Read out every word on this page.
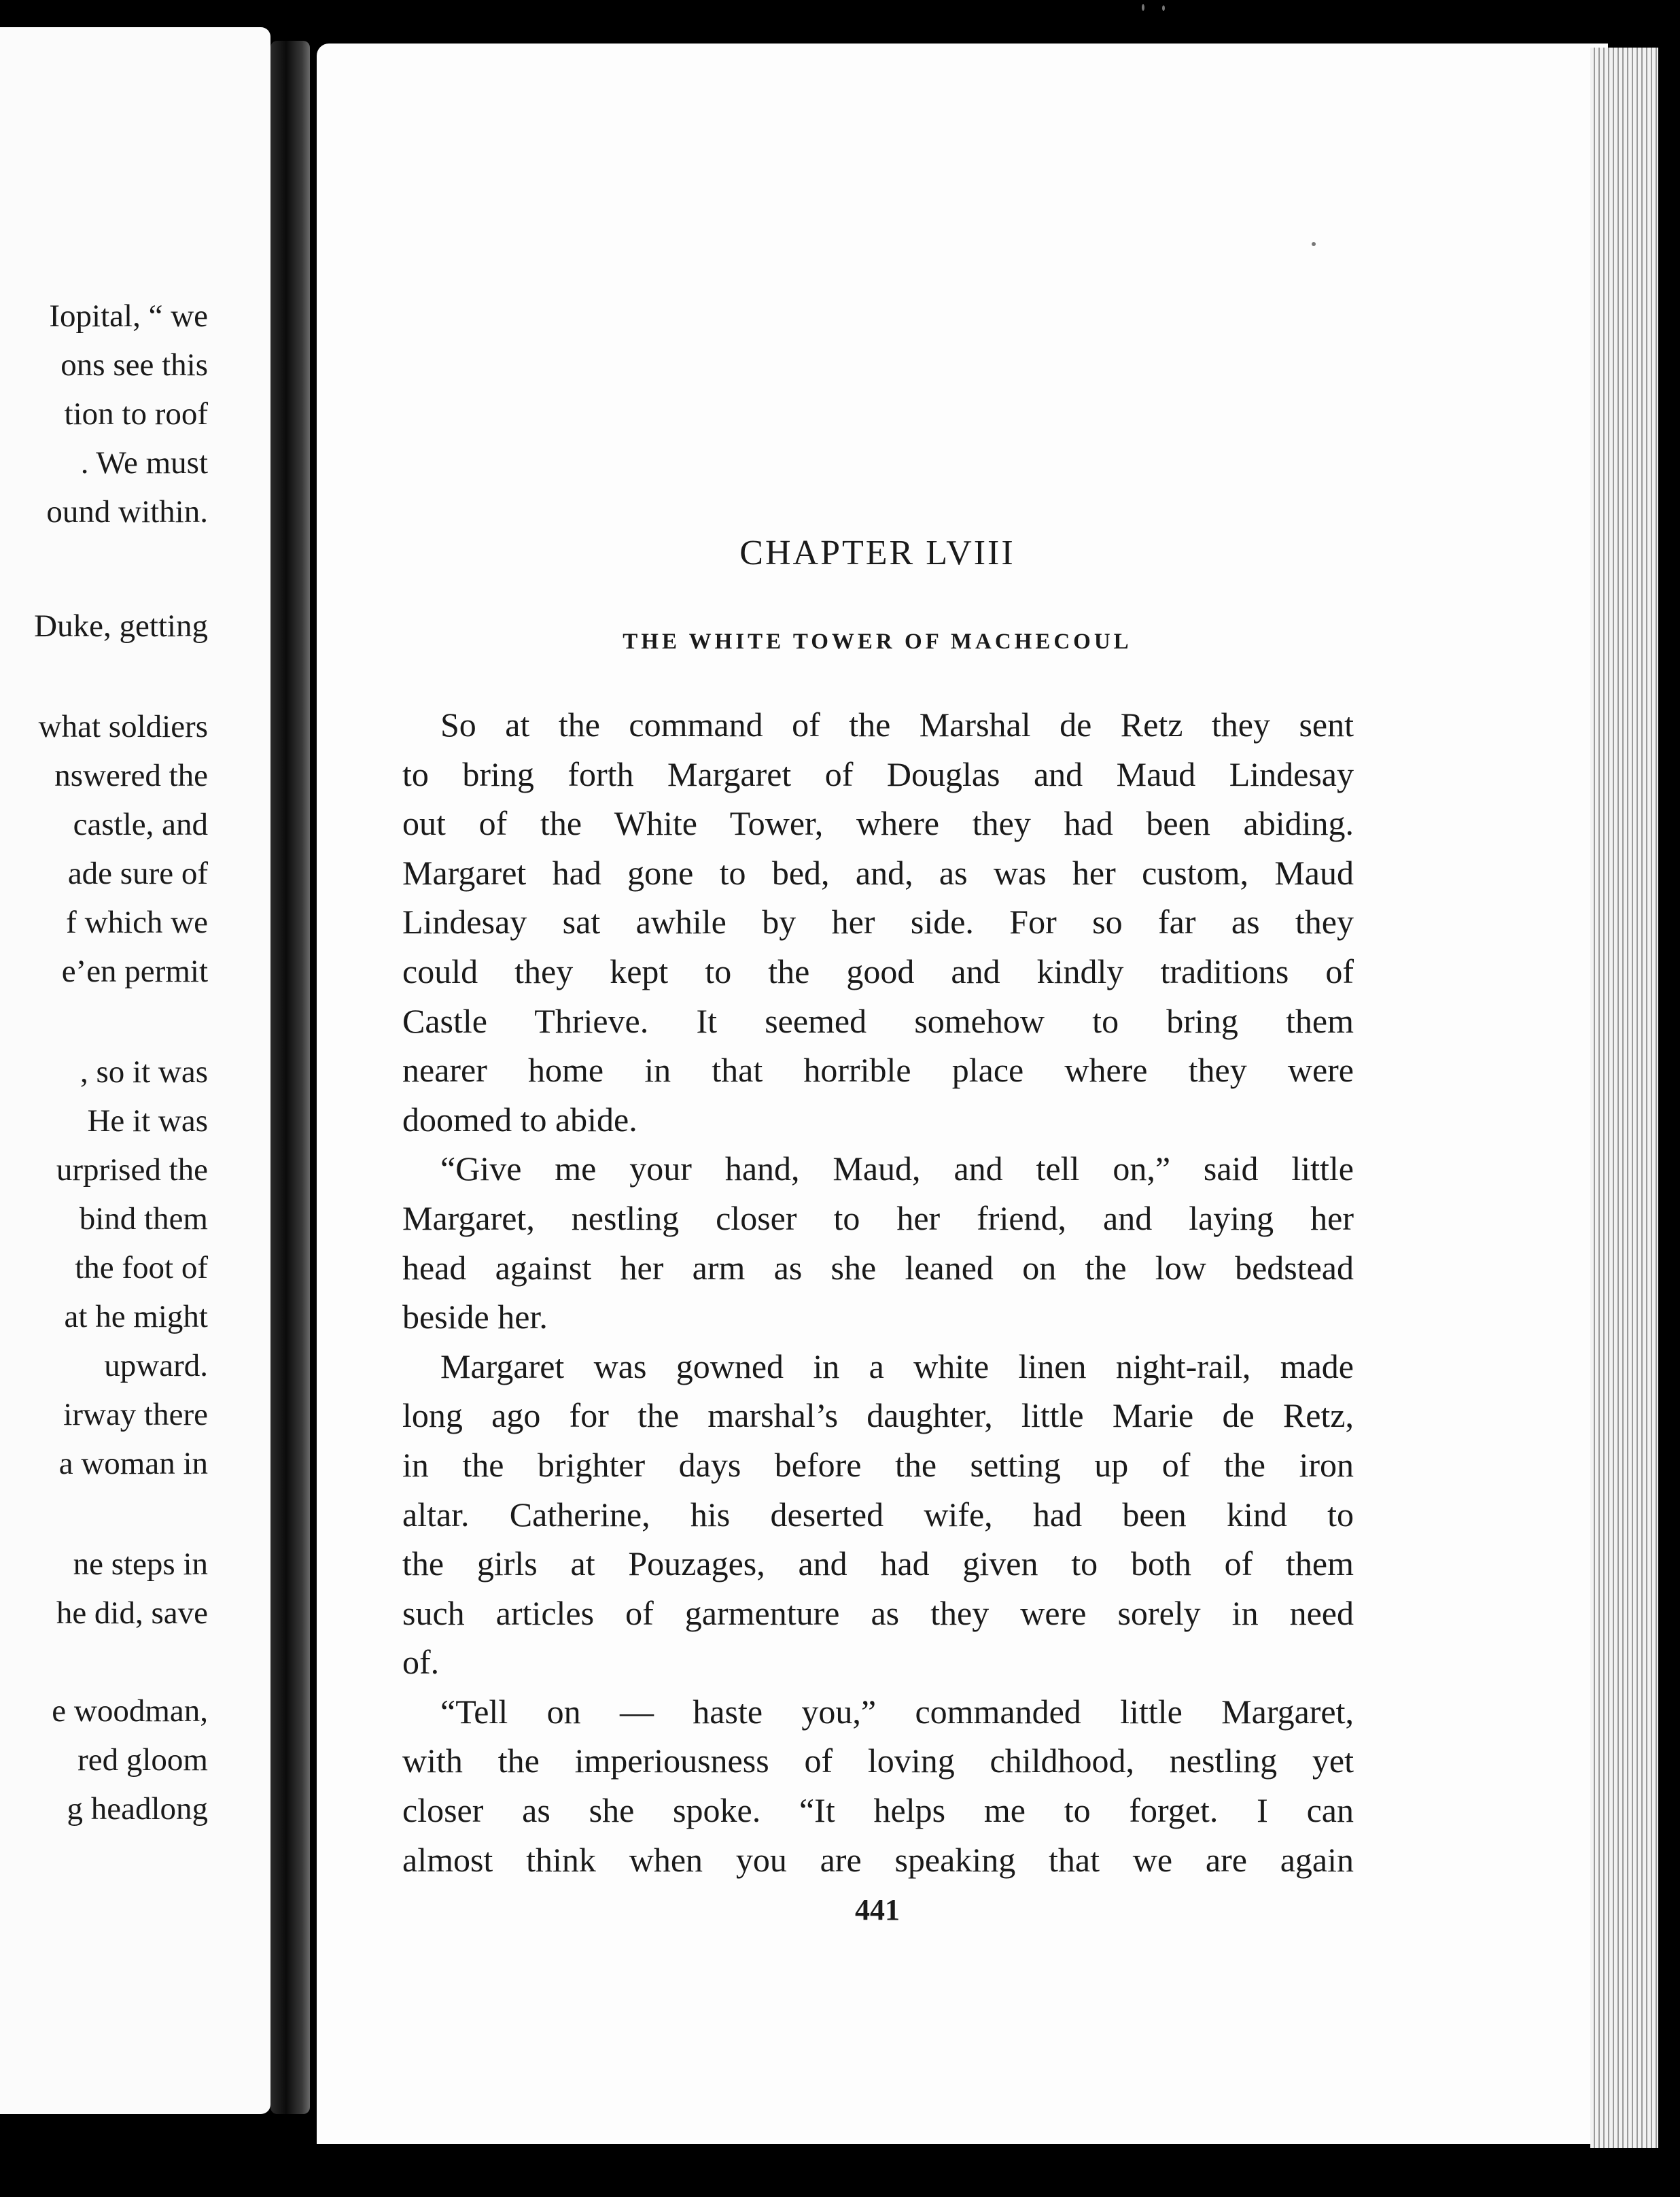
Iopital, “ we
ons see this
tion to roof
. We must
ound within.
Duke, getting
what soldiers
nswered the
castle, and
ade sure of
f which we
e’en permit
, so it was
He it was
urprised the
bind them
the foot of
at he might
upward.
irway there
a woman in
ne steps in
he did, save
e woodman,
red gloom
g headlong
CHAPTER LVIII
THE WHITE TOWER OF MACHECOUL
So at the command of the Marshal de Retz they sent
to bring forth Margaret of Douglas and Maud Lindesay
out of the White Tower, where they had been abiding.
Margaret had gone to bed, and, as was her custom, Maud
Lindesay sat awhile by her side. For so far as they
could they kept to the good and kindly traditions of
Castle Thrieve. It seemed somehow to bring them
nearer home in that horrible place where they were
doomed to abide.
“Give me your hand, Maud, and tell on,” said little
Margaret, nestling closer to her friend, and laying her
head against her arm as she leaned on the low bedstead
beside her.
Margaret was gowned in a white linen night-rail, made
long ago for the marshal’s daughter, little Marie de Retz,
in the brighter days before the setting up of the iron
altar. Catherine, his deserted wife, had been kind to
the girls at Pouzages, and had given to both of them
such articles of garmenture as they were sorely in need
of.
“Tell on — haste you,” commanded little Margaret,
with the imperiousness of loving childhood, nestling yet
closer as she spoke. “It helps me to forget. I can
almost think when you are speaking that we are again
441
